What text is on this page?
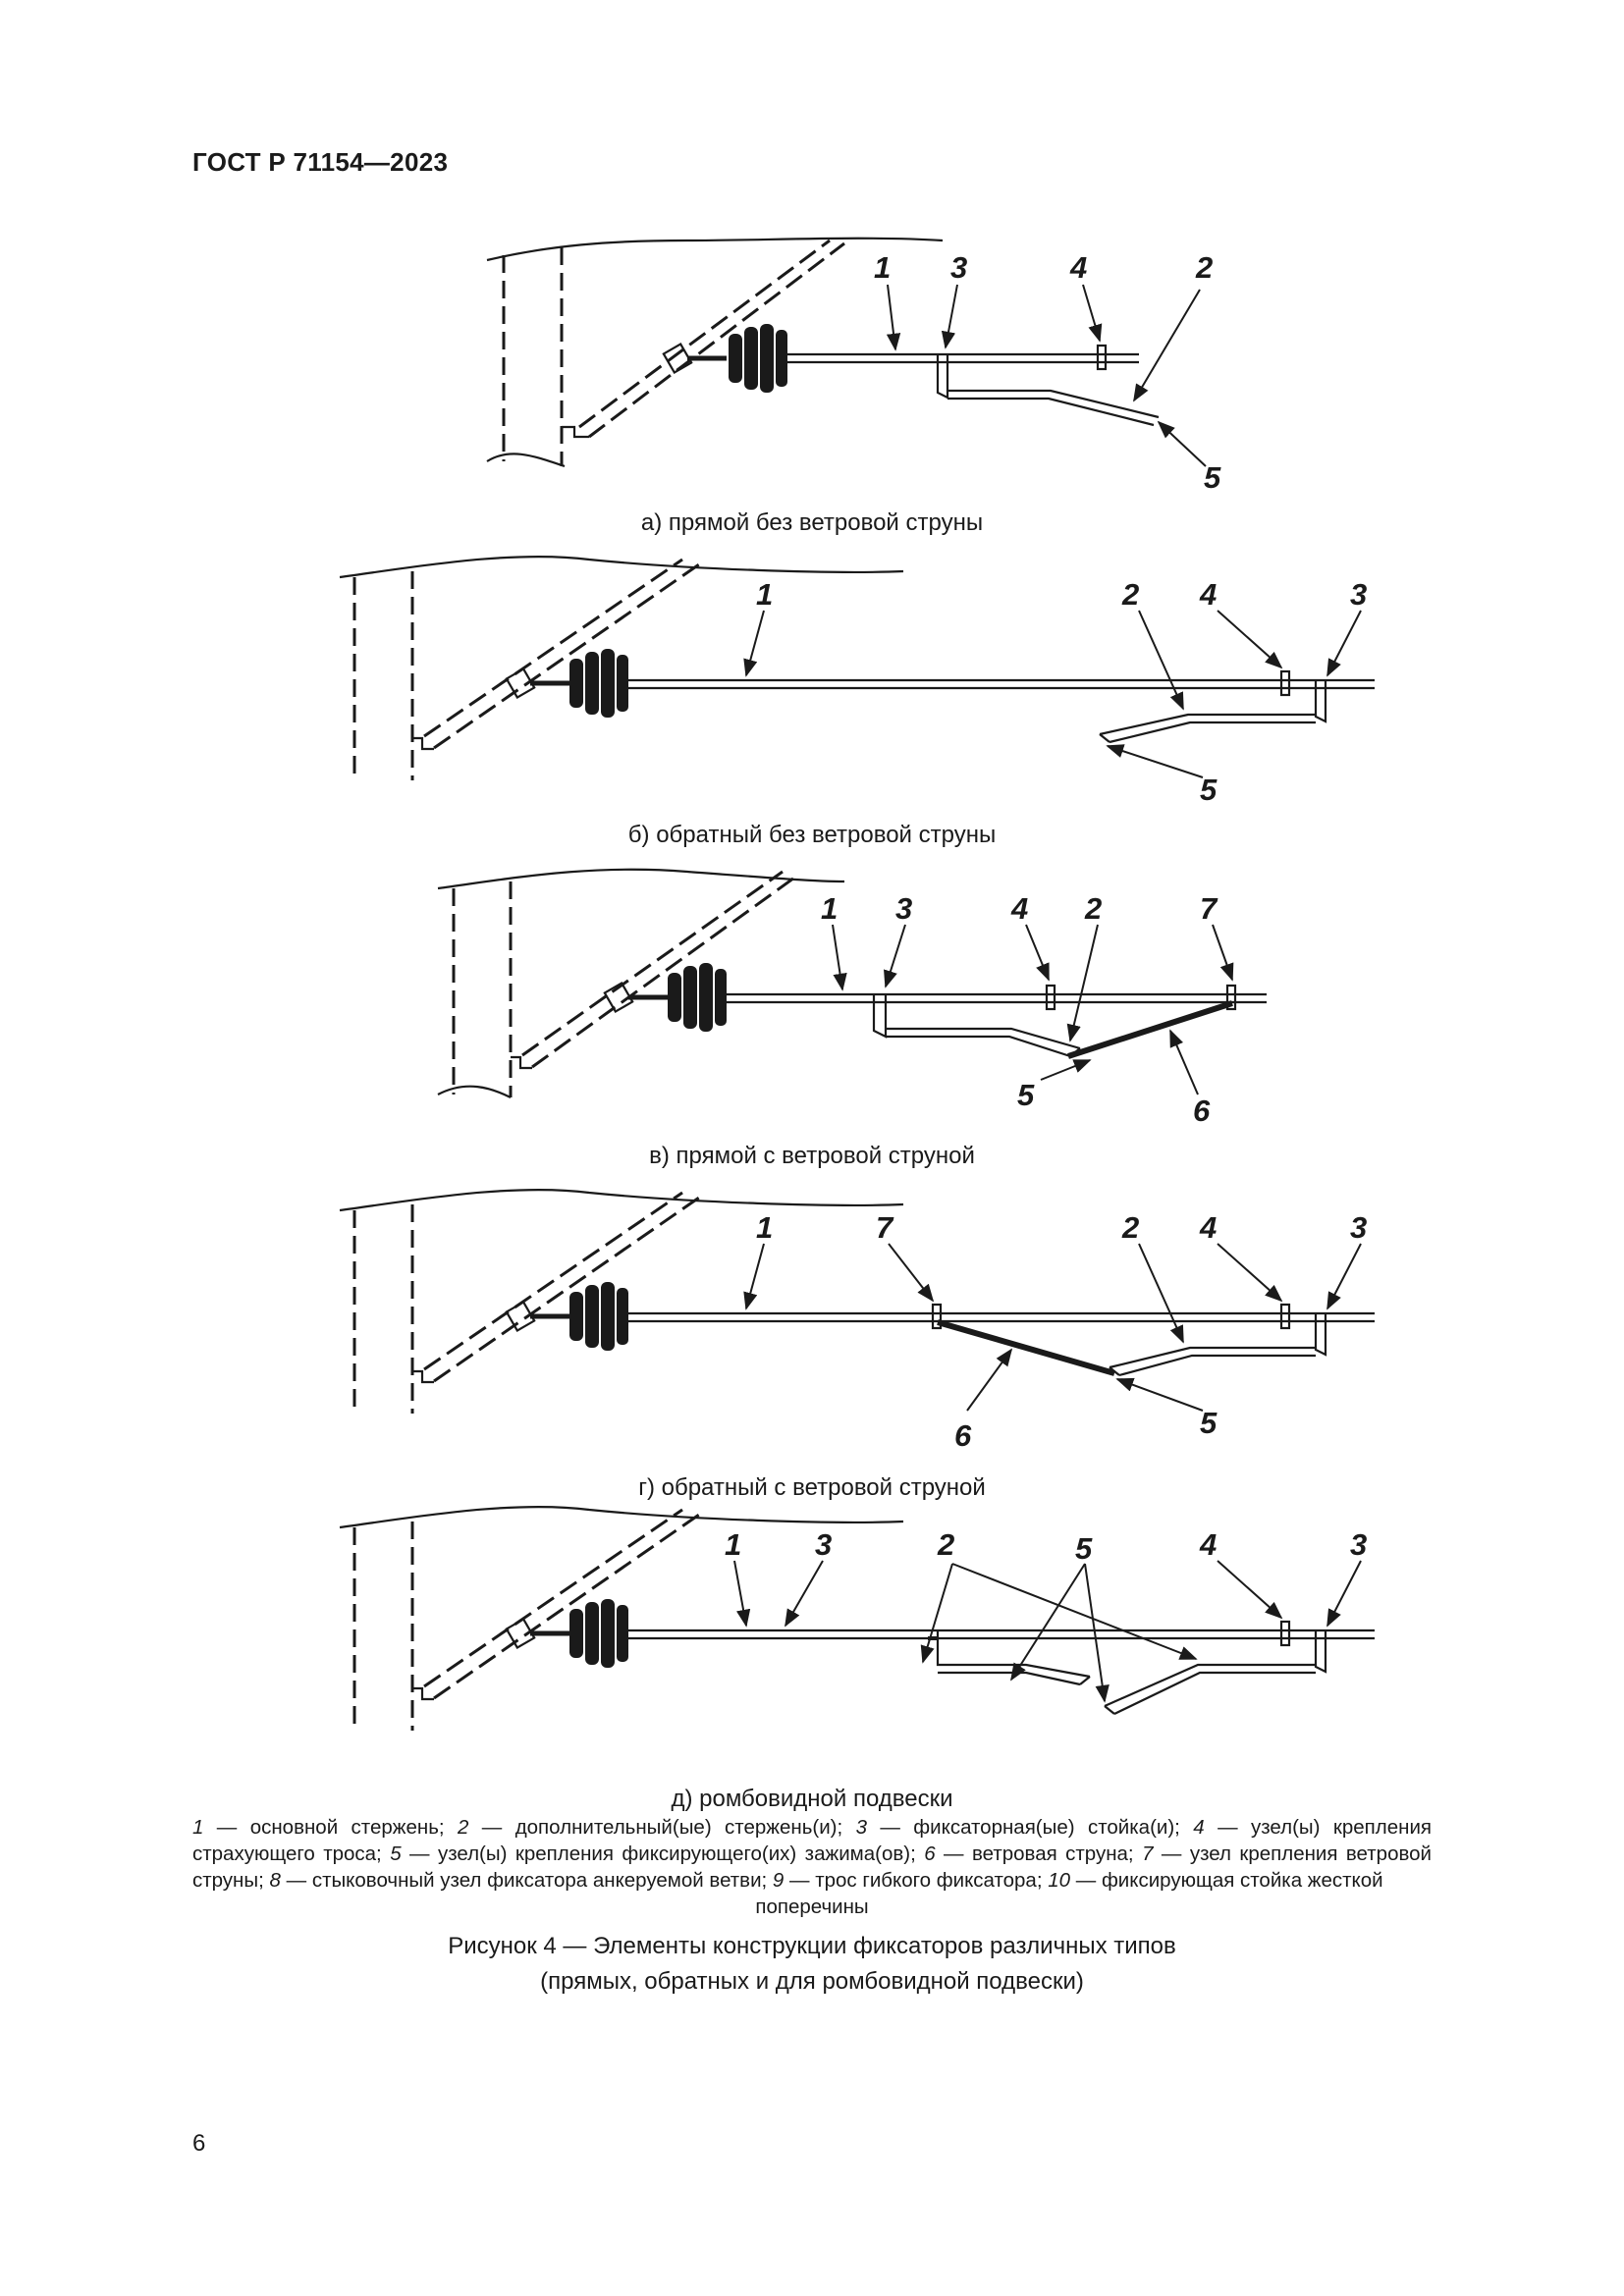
ГОСТ Р 71154—2023
1 3	4	2
5
а) прямой без ветровой струны
1	2 4	3
5
б) обратный без ветровой струны
1 3	4 2	7
5	6
в) прямой с ветровой струной
1 3	2	5	4	3
г) обратный с ветровой струной
д) ромбовидной подвески
1	7	2 4	3
5
6
1 — основной стержень; 2 — дополнительный(ые) стержень(и); 3 — фиксаторная(ые) стойка(и); 4 — узел(ы) крепления страхующего троса; 5 — узел(ы) крепления фиксирующего(их) зажима(ов); 6 — ветровая струна; 7 — узел крепления ветровой струны; 8 — стыковочный узел фиксатора анкеруемой ветви; 9 — трос гибкого фиксатора; 10 — фиксирующая стойка жесткой
поперечины
Рисунок 4 — Элементы конструкции фиксаторов различных типов
(прямых, обратных и для ромбовидной подвески)
6
